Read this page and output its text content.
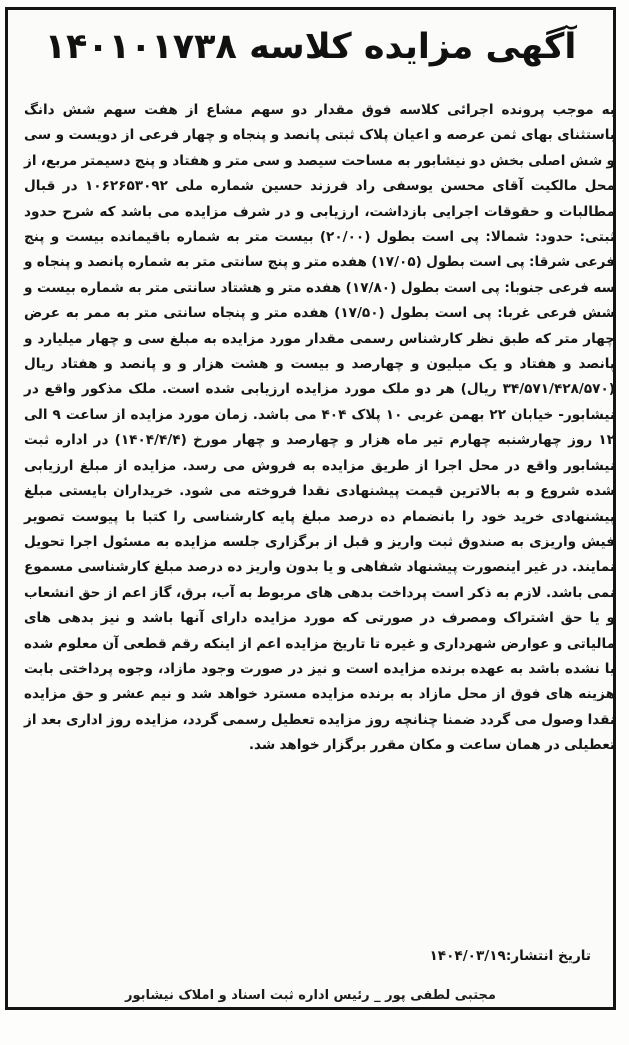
آگهی مزایده کلاسه ۱۴۰۱۰۱۷۳۸
به موجب پرونده اجرائی کلاسه فوق مقدار دو سهم مشاع از هفت سهم شش دانگ باستثنای بهای ثمن عرصه و اعیان پلاک ثبتی پانصد و پنجاه و چهار فرعی از دویست و سی و شش اصلی بخش دو نیشابور به مساحت سیصد و سی متر و هفتاد و پنج دسیمتر مربع، از محل مالکیت آقای محسن یوسفی راد فرزند حسین شماره ملی ۱۰۶۲۶۵۳۰۹۲ در قبال مطالبات و حقوقات اجرایی بازداشت، ارزیابی و در شرف مزایده می باشد که شرح حدود ثبتی: حدود: شمالا: پی است بطول (۲۰/۰۰) بیست متر به شماره باقیمانده بیست و پنج فرعی شرقا: پی است بطول (۱۷/۰۵) هفده متر و پنج سانتی متر به شماره پانصد و پنجاه و سه فرعی جنوبا: پی است بطول (۱۷/۸۰) هفده متر و هشتاد سانتی متر به شماره بیست و شش فرعی غربا: پی است بطول (۱۷/۵۰) هفده متر و پنجاه سانتی متر به ممر به عرض چهار متر که طبق نظر کارشناس رسمی مقدار مورد مزایده به مبلغ سی و چهار میلیارد و پانصد و هفتاد و یک میلیون و چهارصد و بیست و هشت هزار و و پانصد و هفتاد ریال (۳۴/۵۷۱/۴۲۸/۵۷۰ ریال) هر دو ملک مورد مزایده ارزیابی شده است. ملک مذکور واقع در نیشابور- خیابان ۲۲ بهمن غربی ۱۰ پلاک ۴۰۴ می باشد. زمان مورد مزایده از ساعت ۹ الی ۱۲ روز چهارشنبه چهارم تیر ماه هزار و چهارصد و چهار مورخ (۱۴۰۴/۴/۴) در اداره ثبت نیشابور واقع در محل اجرا از طریق مزایده به فروش می رسد. مزایده از مبلغ ارزیابی شده شروع و به بالاترین قیمت پیشنهادی نقدا فروخته می شود. خریداران بایستی مبلغ پیشنهادی خرید خود را بانضمام ده درصد مبلغ پایه کارشناسی را کتبا با پیوست تصویر فیش واریزی به صندوق ثبت واریز و قبل از برگزاری جلسه مزایده به مسئول اجرا تحویل نمایند. در غیر اینصورت پیشنهاد شفاهی و یا بدون واریز ده درصد مبلغ کارشناسی مسموع نمی باشد. لازم به ذکر است پرداخت بدهی های مربوط به آب، برق، گاز اعم از حق انشعاب و یا حق اشتراک ومصرف در صورتی که مورد مزایده دارای آنها باشد و نیز بدهی های مالیاتی و عوارض شهرداری و غیره تا تاریخ مزایده اعم از اینکه رقم قطعی آن معلوم شده یا نشده باشد به عهده برنده مزایده است و نیز در صورت وجود مازاد، وجوه پرداختی بابت هزینه های فوق از محل مازاد به برنده مزایده مسترد خواهد شد و نیم عشر و حق مزایده نقدا وصول می گردد ضمنا چنانچه روز مزایده تعطیل رسمی گردد، مزایده روز اداری بعد از تعطیلی در همان ساعت و مکان مقرر برگزار خواهد شد.
تاریخ انتشار:۱۴۰۴/۰۳/۱۹
مجتبی لطفی پور _ رئیس اداره ثبت اسناد و املاک نیشابور
